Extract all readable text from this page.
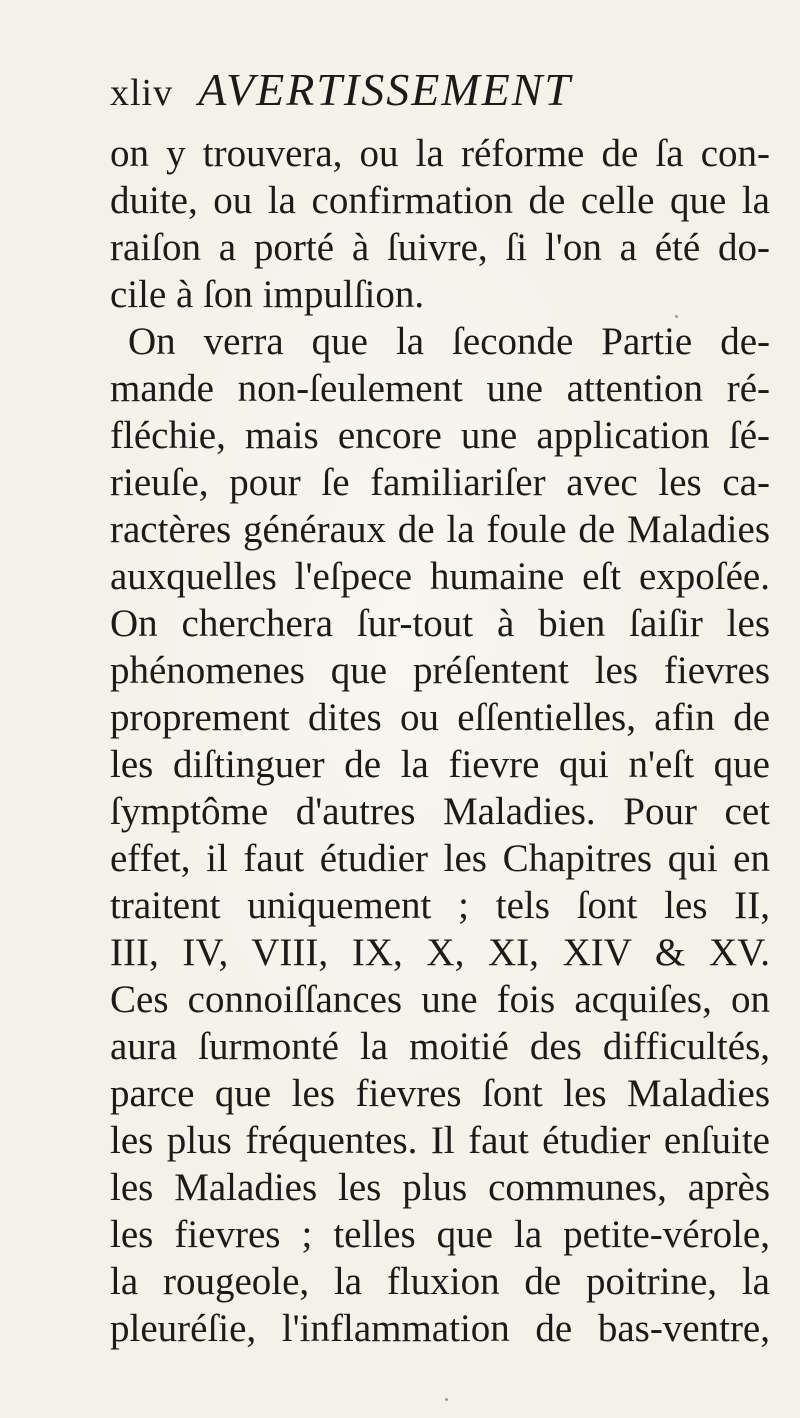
xliv AVERTISSEMENT
on y trouvera, ou la réforme de ſa con-
duite, ou la confirmation de celle que la
raiſon a porté à ſuivre, ſi l'on a été do-
cile à ſon impulſion.
On verra que la ſeconde Partie de-
mande non-ſeulement une attention ré-
fléchie, mais encore une application ſé-
rieuſe, pour ſe familiariſer avec les ca-
ractères généraux de la foule de Maladies
auxquelles l'eſpece humaine eſt expoſée.
On cherchera ſur-tout à bien ſaiſir les
phénomenes que préſentent les fievres
proprement dites ou eſſentielles, afin de
les diſtinguer de la fievre qui n'eſt que
ſymptôme d'autres Maladies. Pour cet
effet, il faut étudier les Chapitres qui en
traitent uniquement ; tels ſont les II,
III, IV, VIII, IX, X, XI, XIV & XV.
Ces connoiſſances une fois acquiſes, on
aura ſurmonté la moitié des difficultés,
parce que les fievres ſont les Maladies
les plus fréquentes. Il faut étudier enſuite
les Maladies les plus communes, après
les fievres ; telles que la petite-vérole,
la rougeole, la fluxion de poitrine, la
pleuréſie, l'inflammation de bas-ventre,
